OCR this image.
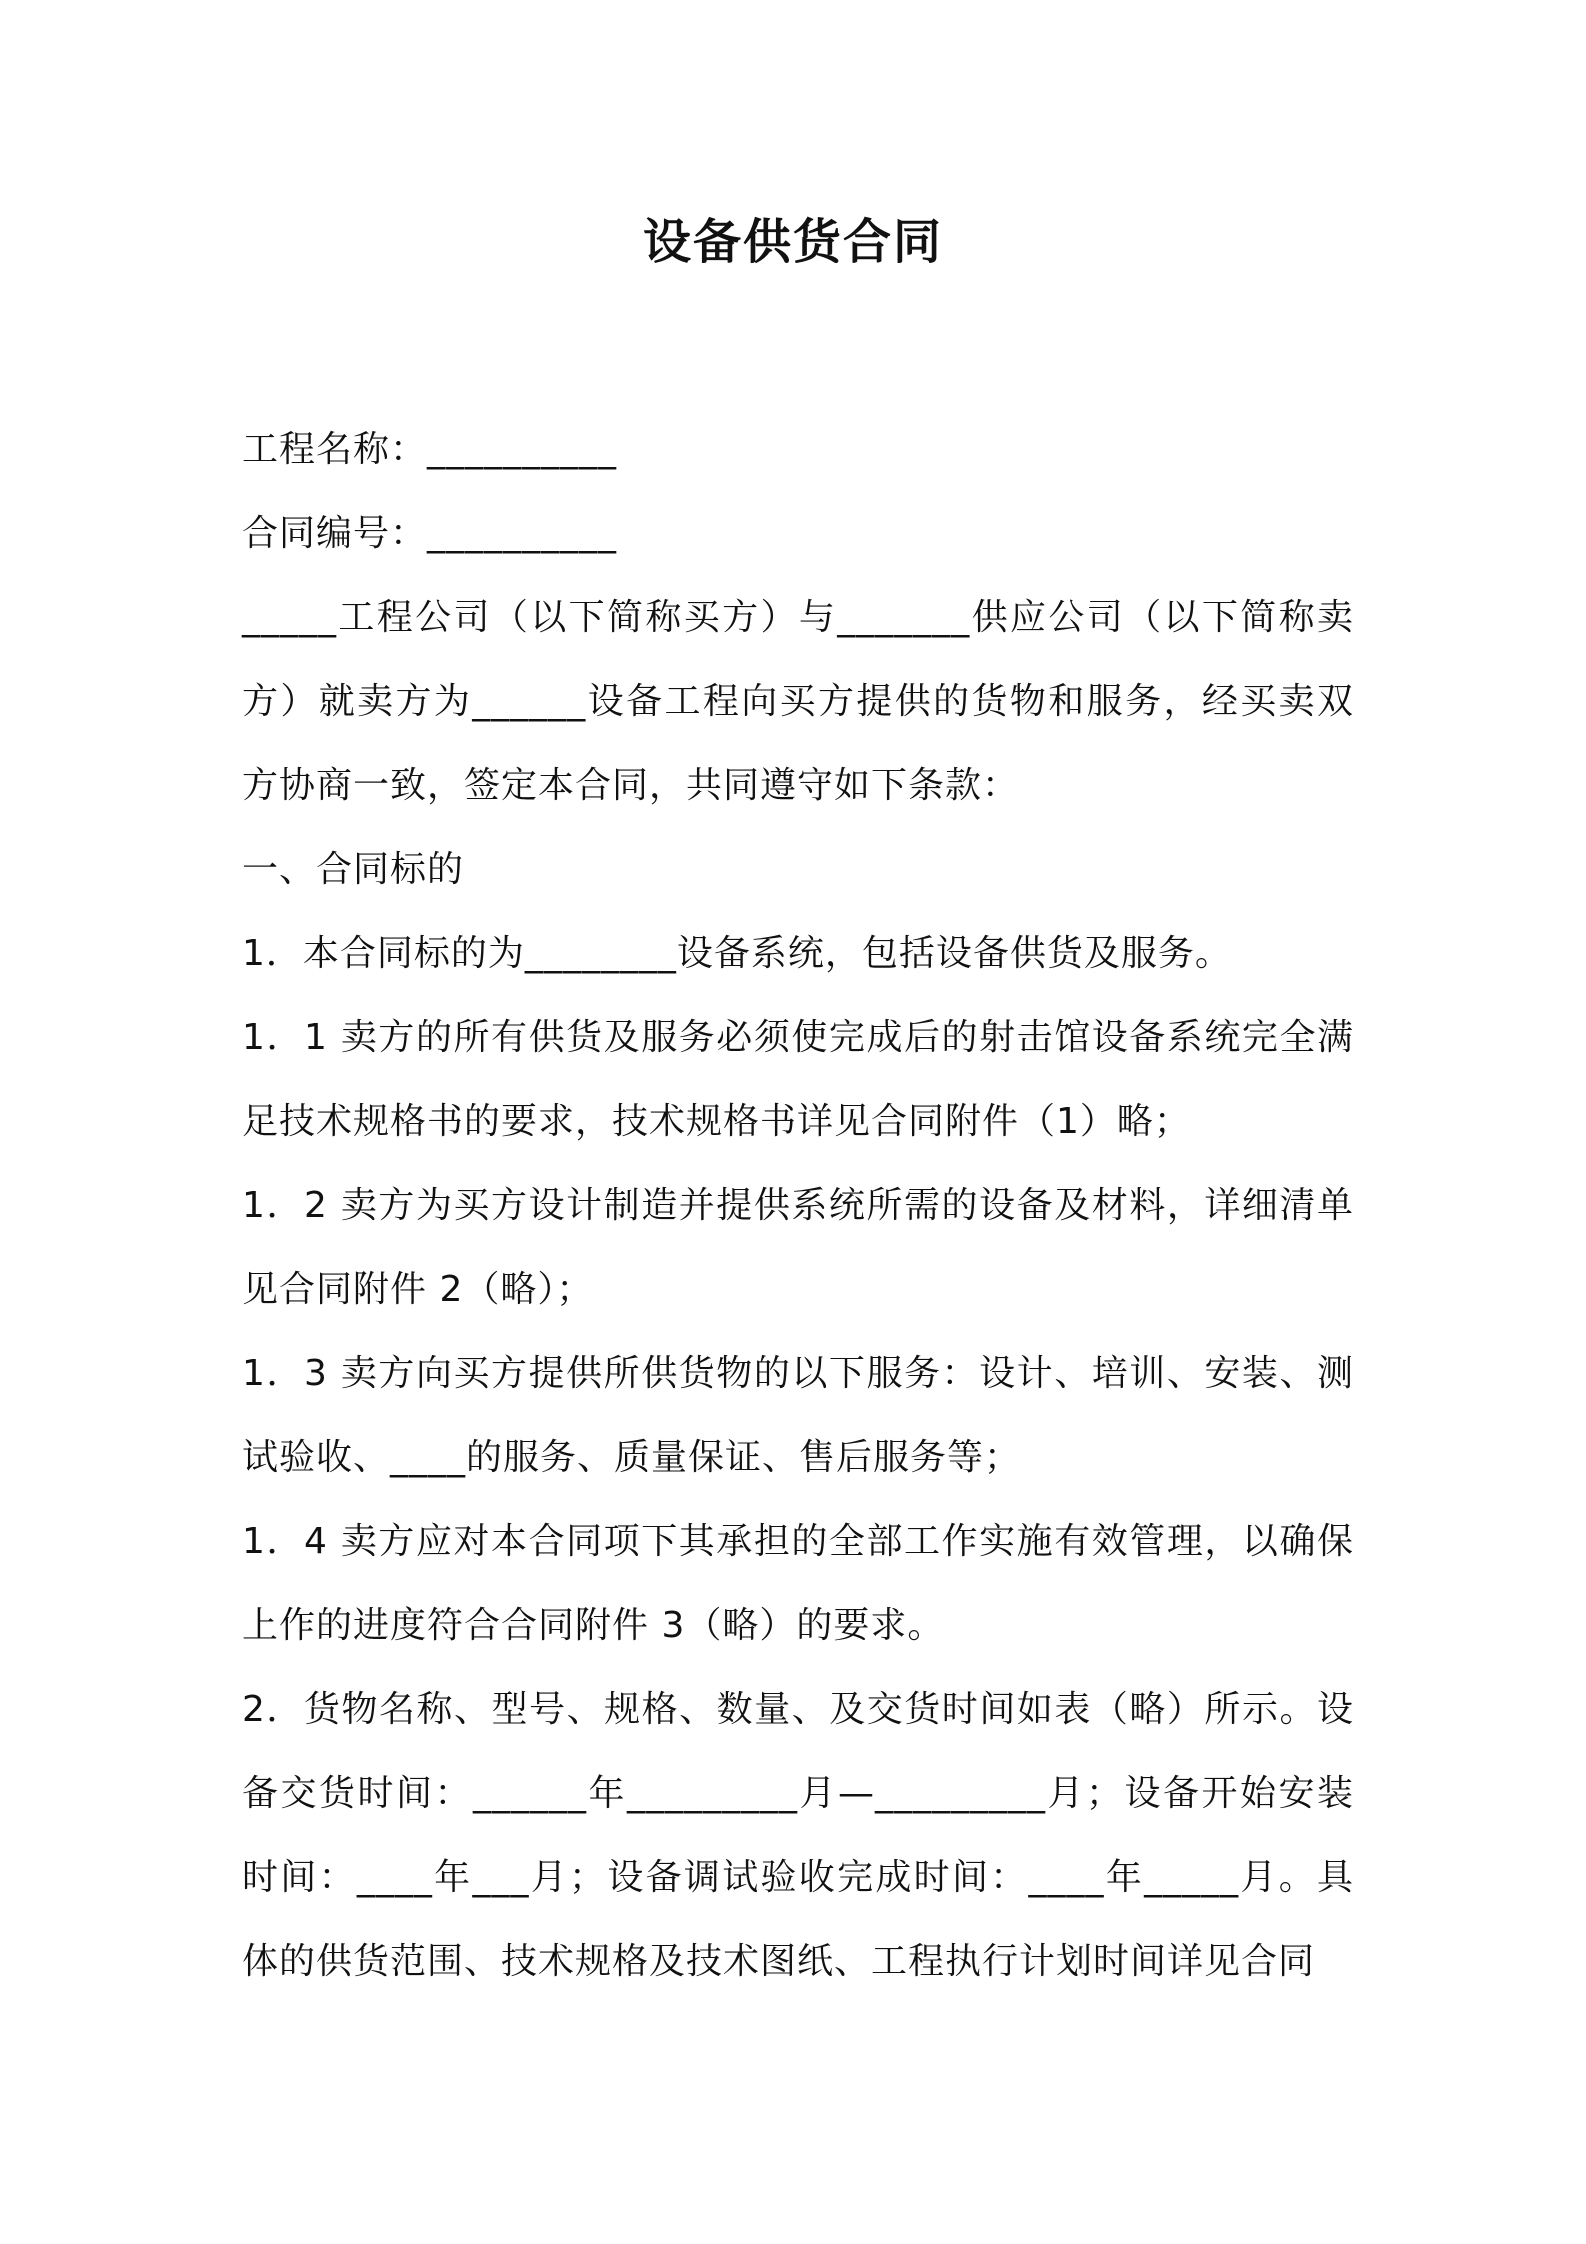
设备供货合同

工程名称：__________

合同编号：__________

_____工程公司（以下简称买方）与_______供应公司（以下简称卖方）就卖方为______设备工程向买方提供的货物和服务，经买卖双方协商一致，签定本合同，共同遵守如下条款：

一、合同标的

1．本合同标的为________设备系统，包括设备供货及服务。

1．1 卖方的所有供货及服务必须使完成后的射击馆设备系统完全满足技术规格书的要求，技术规格书详见合同附件（1）略；

1．2 卖方为买方设计制造并提供系统所需的设备及材料，详细清单见合同附件 2（略）；

1．3 卖方向买方提供所供货物的以下服务：设计、培训、安装、测试验收、____的服务、质量保证、售后服务等；

1．4 卖方应对本合同项下其承担的全部工作实施有效管理，以确保上作的进度符合合同附件 3（略）的要求。

2．货物名称、型号、规格、数量、及交货时间如表（略）所示。设备交货时间：______年_________月—_________月；设备开始安装时间：____年___月；设备调试验收完成时间：____年_____月。具体的供货范围、技术规格及技术图纸、工程执行计划时间详见合同
